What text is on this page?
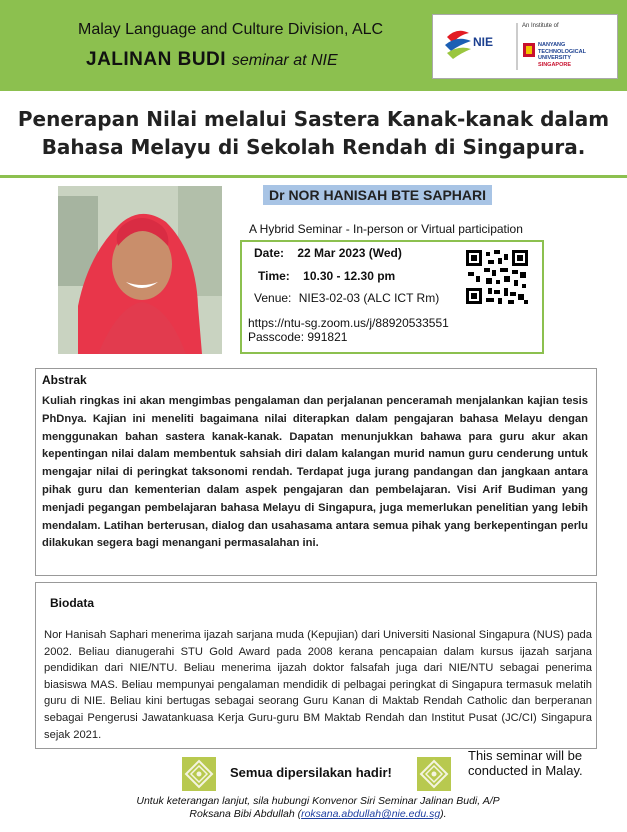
Malay Language and Culture Division, ALC
JALINAN BUDI seminar at NIE
NIE
An Institute of
NANYANG
TECHNOLOGICAL
UNIVERSITY
SINGAPORE
Penerapan Nilai melalui Sastera Kanak-kanak dalam
Bahasa Melayu di Sekolah Rendah di Singapura.
Dr NOR HANISAH BTE SAPHARI
A Hybrid Seminar - In-person or Virtual participation
Date: 22 Mar 2023 (Wed)
Time: 10.30 - 12.30 pm
Venue: NIE3-02-03 (ALC ICT Rm)
https://ntu-sg.zoom.us/j/88920533551
Passcode: 991821
Abstrak
Kuliah ringkas ini akan mengimbas pengalaman dan perjalanan penceramah menjalankan kajian tesis PhDnya. Kajian ini meneliti bagaimana nilai diterapkan dalam pengajaran bahasa Melayu dengan menggunakan bahan sastera kanak-kanak. Dapatan menunjukkan bahawa para guru akur akan kepentingan nilai dalam membentuk sahsiah diri dalam kalangan murid namun guru cenderung untuk mengajar nilai di peringkat taksonomi rendah. Terdapat juga jurang pandangan dan jangkaan antara pihak guru dan kementerian dalam aspek pengajaran dan pembelajaran. Visi Arif Budiman yang menjadi pegangan pembelajaran bahasa Melayu di Singapura, juga memerlukan penelitian yang lebih mendalam. Latihan berterusan, dialog dan usahasama antara semua pihak yang berkepentingan perlu dilakukan segera bagi menangani permasalahan ini.
Biodata
Nor Hanisah Saphari menerima ijazah sarjana muda (Kepujian) dari Universiti Nasional Singapura (NUS) pada 2002. Beliau dianugerahi STU Gold Award pada 2008 kerana pencapaian dalam kursus ijazah sarjana pendidikan dari NIE/NTU. Beliau menerima ijazah doktor falsafah juga dari NIE/NTU sebagai penerima biasiswa MAS. Beliau mempunyai pengalaman mendidik di pelbagai peringkat di Singapura termasuk melatih guru di NIE. Beliau kini bertugas sebagai seorang Guru Kanan di Maktab Rendah Catholic dan berperanan sebagai Pengerusi Jawatankuasa Kerja Guru-guru BM Maktab Rendah dan Institut Pusat (JC/CI) Singapura sejak 2021.
Semua dipersilakan hadir!
This seminar will be conducted in Malay.
Untuk keterangan lanjut, sila hubungi Konvenor Siri Seminar Jalinan Budi, A/P Roksana Bibi Abdullah (roksana.abdullah@nie.edu.sg).
